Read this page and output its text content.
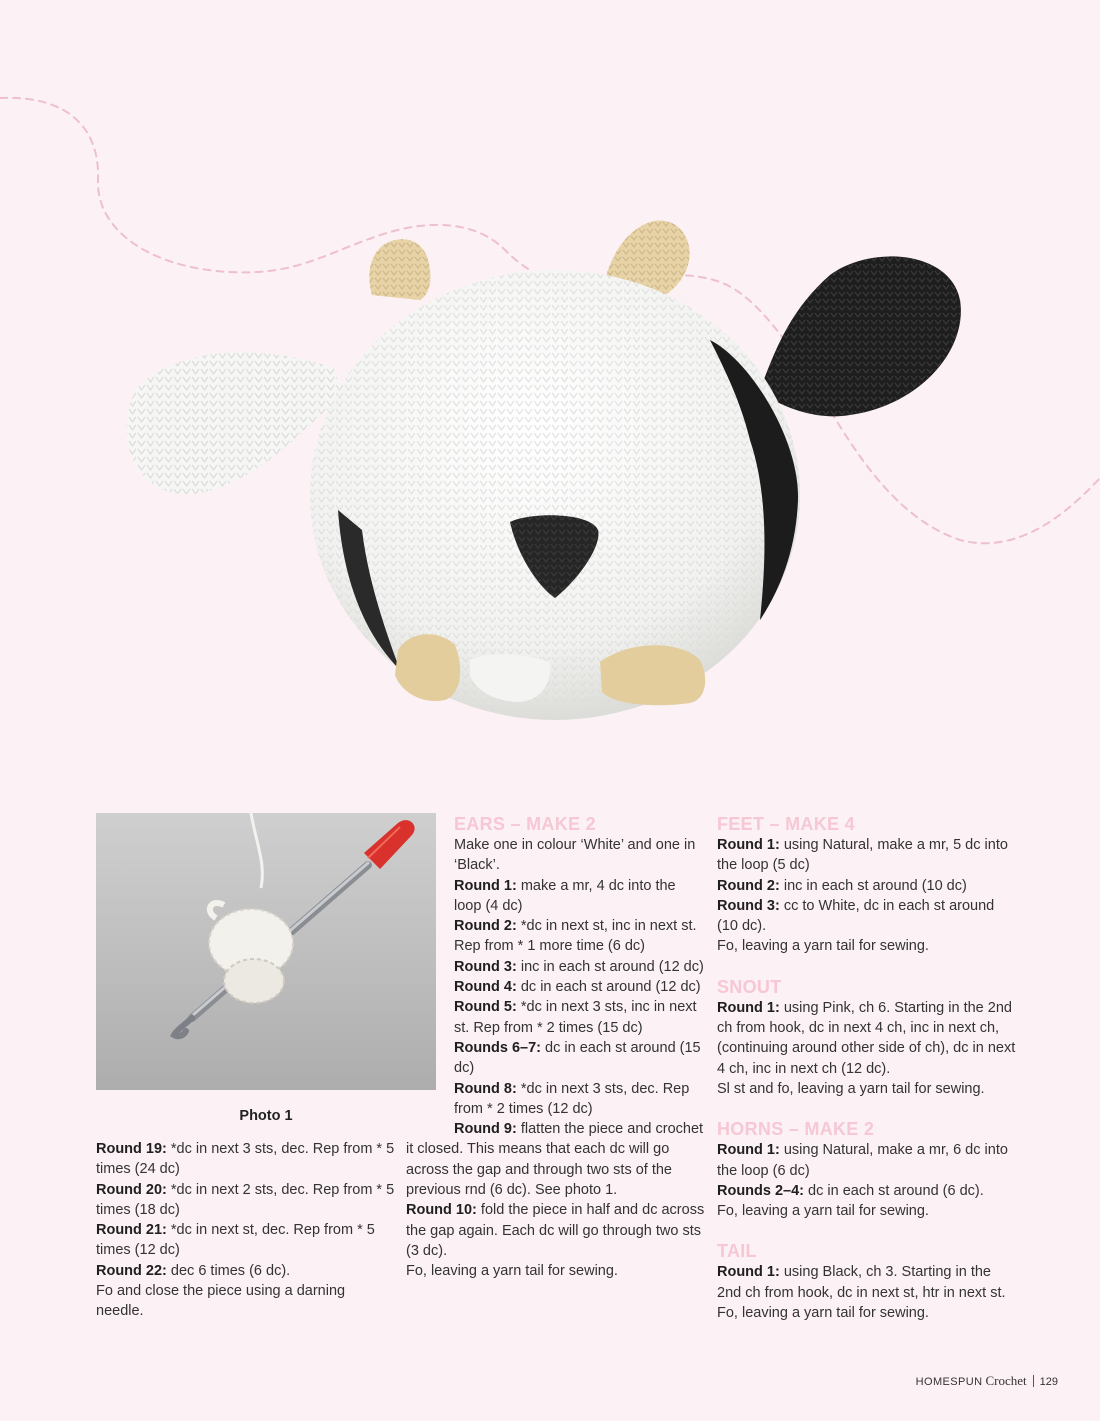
Photo 1

Round 19: *dc in next 3 sts, dec. Rep from * 5 times (24 dc)

Round 20: *dc in next 2 sts, dec. Rep from * 5 times (18 dc)

Round 21: *dc in next st, dec. Rep from * 5 times (12 dc)

Round 22: dec 6 times (6 dc).

Fo and close the piece using a darning needle.

EARS – MAKE 2

Make one in colour ‘White’ and one in ‘Black’.

Round 1: make a mr, 4 dc into the loop (4 dc)

Round 2: *dc in next st, inc in next st. Rep from * 1 more time (6 dc)

Round 3: inc in each st around (12 dc)

Round 4: dc in each st around (12 dc)

Round 5: *dc in next 3 sts, inc in next st. Rep from * 2 times (15 dc)

Rounds 6–7: dc in each st around (15 dc)

Round 8: *dc in next 3 sts, dec. Rep from * 2 times (12 dc)

Round 9: flatten the piece and crochet it closed. This means that each dc will go across the gap and through two sts of the previous rnd (6 dc). See photo 1.

Round 10: fold the piece in half and dc across the gap again. Each dc will go through two sts (3 dc).

Fo, leaving a yarn tail for sewing.

FEET – MAKE 4

Round 1: using Natural, make a mr, 5 dc into the loop (5 dc)

Round 2: inc in each st around (10 dc)

Round 3: cc to White, dc in each st around (10 dc).

Fo, leaving a yarn tail for sewing.

SNOUT

Round 1: using Pink, ch 6. Starting in the 2nd ch from hook, dc in next 4 ch, inc in next ch, (continuing around other side of ch), dc in next 4 ch, inc in next ch (12 dc).

Sl st and fo, leaving a yarn tail for sewing.

HORNS – MAKE 2

Round 1: using Natural, make a mr, 6 dc into the loop (6 dc)

Rounds 2–4: dc in each st around (6 dc).

Fo, leaving a yarn tail for sewing.

TAIL

Round 1: using Black, ch 3. Starting in the 2nd ch from hook, dc in next st, htr in next st.

Fo, leaving a yarn tail for sewing.

HOMESPUN Crochet 129
